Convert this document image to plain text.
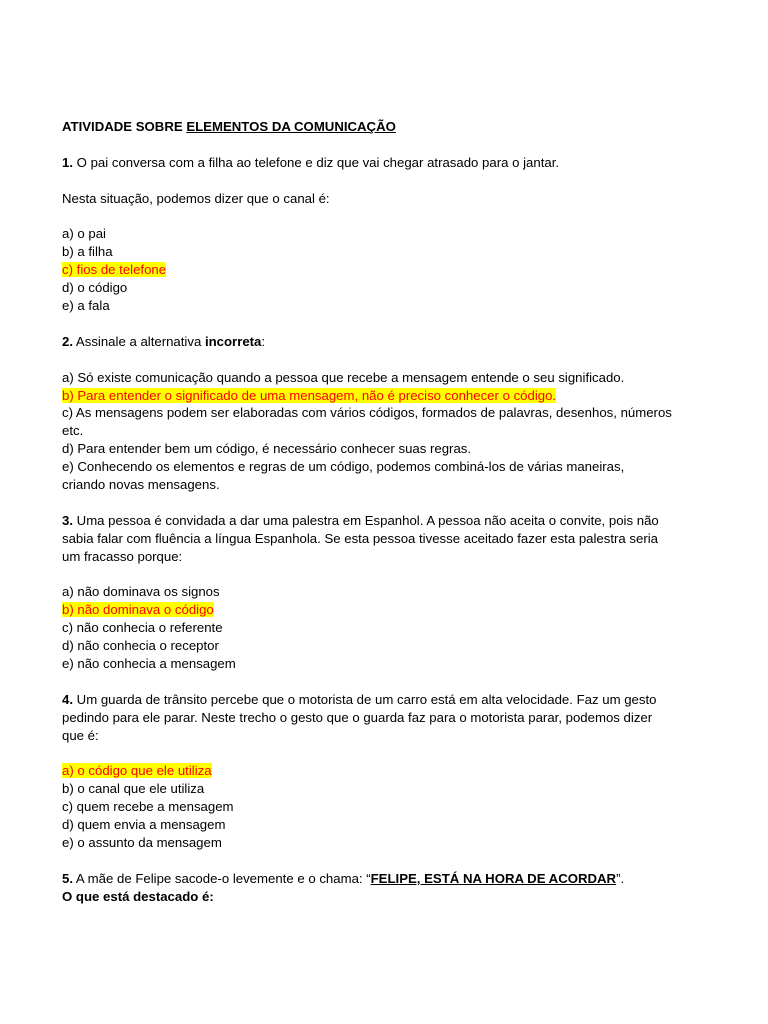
ATIVIDADE SOBRE ELEMENTOS DA COMUNICAÇÃO
1. O pai conversa com a filha ao telefone e diz que vai chegar atrasado para o jantar.
Nesta situação, podemos dizer que o canal é:
a) o pai
b) a filha
c) fios de telefone
d) o código
e) a fala
2. Assinale a alternativa incorreta:
a) Só existe comunicação quando a pessoa que recebe a mensagem entende o seu significado.
b) Para entender o significado de uma mensagem, não é preciso conhecer o código.
c) As mensagens podem ser elaboradas com vários códigos, formados de palavras, desenhos, números
etc.
d) Para entender bem um código, é necessário conhecer suas regras.
e) Conhecendo os elementos e regras de um código, podemos combiná-los de várias maneiras,
criando novas mensagens.
3. Uma pessoa é convidada a dar uma palestra em Espanhol. A pessoa não aceita o convite, pois não
sabia falar com fluência a língua Espanhola. Se esta pessoa tivesse aceitado fazer esta palestra seria
um fracasso porque:
a) não dominava os signos
b) não dominava o código
c) não conhecia o referente
d) não conhecia o receptor
e) não conhecia a mensagem
4. Um guarda de trânsito percebe que o motorista de um carro está em alta velocidade. Faz um gesto
pedindo para ele parar. Neste trecho o gesto que o guarda faz para o motorista parar, podemos dizer
que é:
a) o código que ele utiliza
b) o canal que ele utiliza
c) quem recebe a mensagem
d) quem envia a mensagem
e) o assunto da mensagem
5. A mãe de Felipe sacode-o levemente e o chama: “FELIPE, ESTÁ NA HORA DE ACORDAR”.
O que está destacado é:
